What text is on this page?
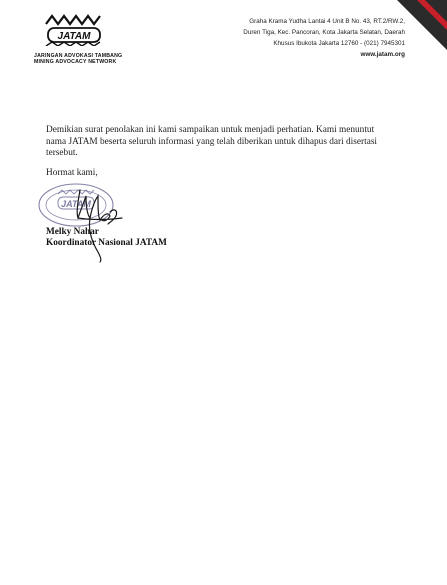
JATAM
JARINGAN ADVOKASI TAMBANG
MINING ADVOCACY NETWORK
Graha Krama Yudha Lantai 4 Unit B No. 43, RT.2/RW.2,
Duren Tiga, Kec. Pancoran, Kota Jakarta Selatan, Daerah
Khusus Ibukota Jakarta 12760 - (021) 7945301
www.jatam.org
Demikian surat penolakan ini kami sampaikan untuk menjadi perhatian. Kami menuntut
nama JATAM beserta seluruh informasi yang telah diberikan untuk dihapus dari disertasi
tersebut.
Hormat kami,
JATAM
Melky Nahar
Koordinator Nasional JATAM
